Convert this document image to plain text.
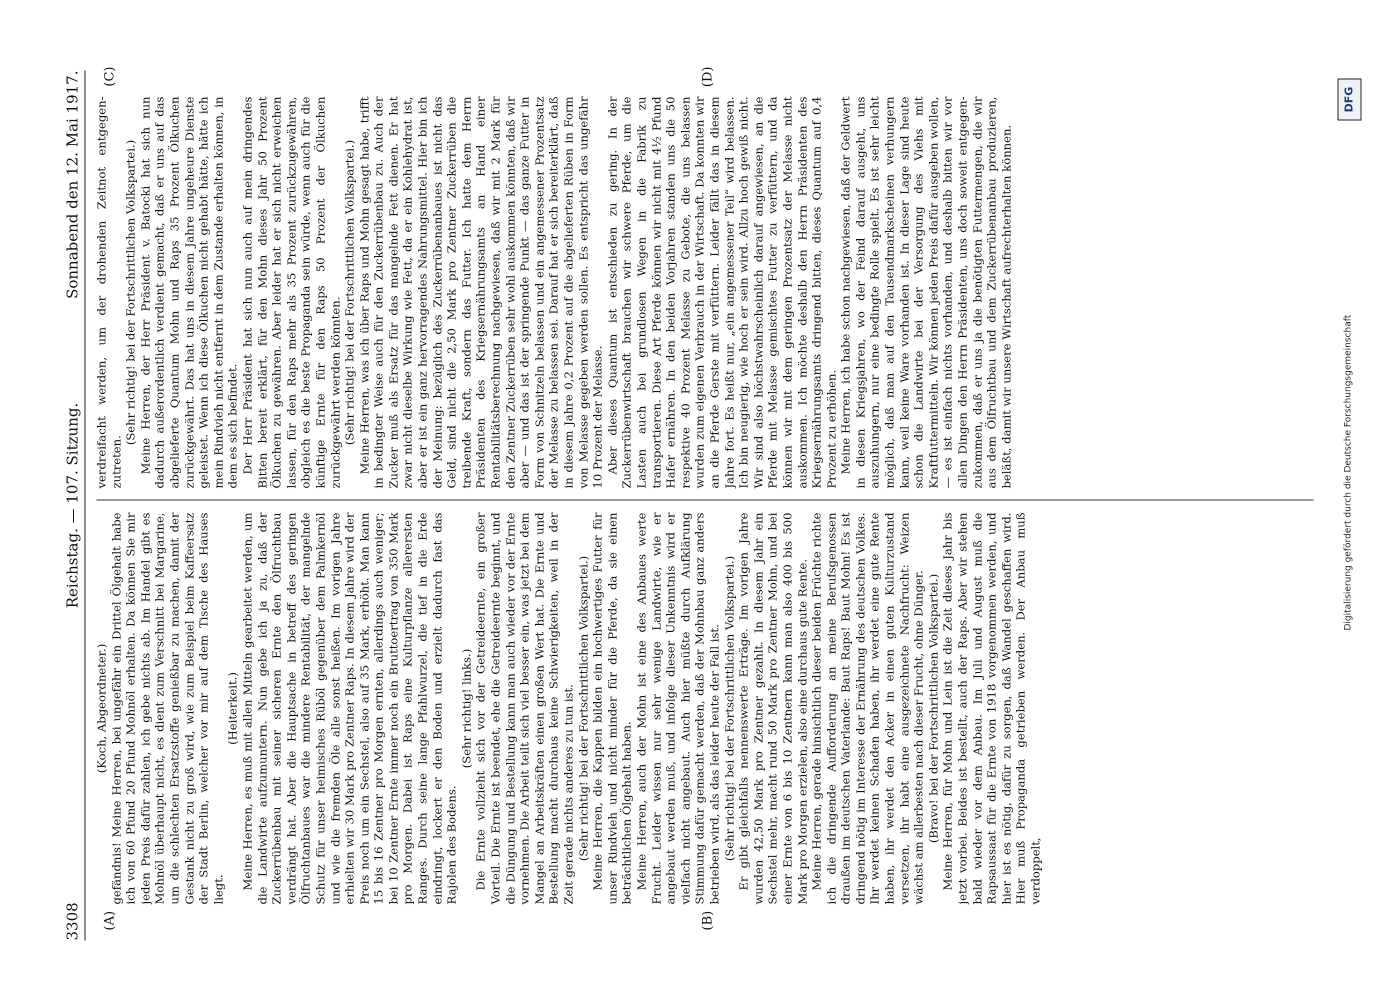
3308
Reichstag. — 107. Sitzung.
Sonnabend den 12. Mai 1917.
(A)	(B)
(C)	(D)

(Koch, Abgeordneter.) gefändnis! Meine Herren, bei ungefähr ein Drittel Ölgehalt habe ich von 60 Pfund 20 Pfund Mohnöl erhalten. Da können Sie mir jeden Preis dafür zahlen, ich gebe nichts ab. Im Handel gibt es Mohnöl überhaupt nicht, es dient zum Verschnitt bei Margarine, um die schlechten Ersatzstoffe genießbar zu machen, damit der Gestank nicht zu groß wird, wie zum Beispiel beim Kaffeersatz der Stadt Berlin, welcher vor mir auf dem Tische des Hauses liegt.

(Heiterkeit.) Meine Herren, es muß mit allen Mitteln gearbeitet werden, um die Landwirte aufzumuntern. Nun gebe ich ja zu, daß der Zuckerrübenbau mit seiner sicheren Ernte den Ölfruchtbau verdrängt hat. Aber die Hauptsache in betreff des geringen Ölfruchtanbaues war die mindere Rentabilität, der mangelnde Schutz für unser heimisches Rüböl gegenüber dem Palmkernöl und wie die fremden Öle alle sonst heißen. Im vorigen Jahre erhielten wir 30 Mark pro Zentner Raps. In diesem Jahre wird der Preis noch um ein Sechstel, also auf 35 Mark, erhöht. Man kann 15 bis 16 Zentner pro Morgen ernten, allerdings auch weniger; bei 10 Zentner Ernte immer noch ein Bruttoertrag von 350 Mark pro Morgen. Dabei ist Raps eine Kulturpflanze allerersten Ranges. Durch seine lange Pfahlwurzel, die tief in die Erde eindringt, lockert er den Boden und erzielt dadurch fast das Rajolen des Bodens.

(Sehr richtig! links.) Die Ernte vollzieht sich vor der Getreideernte, ein großer Vorteil. Die Ernte ist beendet, ehe die Getreideernte beginnt, und die Düngung und Bestellung kann man auch wieder vor der Ernte vornehmen. Die Arbeit teilt sich viel besser ein, was jetzt bei dem Mangel an Arbeitskräften einen großen Wert hat. Die Ernte und Bestellung macht durchaus keine Schwierigkeiten, weil in der Zeit gerade nichts anderes zu tun ist. (Sehr richtig! bei der Fortschrittlichen Volkspartei.) Meine Herren, die Kappen bilden ein hochwertiges Futter für unser Rindvieh und nicht minder für die Pferde, da sie einen beträchtlichen Ölgehalt haben. Meine Herren, auch der Mohn ist eine des Anbaues werte Frucht. Leider wissen nur sehr wenige Landwirte, wie er angebaut werden muß, und infolge dieser Unkenntnis wird er vielfach nicht angebaut. Auch hier müßte durch Aufklärung Stimmung dafür gemacht werden, daß der Mohnbau ganz anders betrieben wird, als das leider heute der Fall ist. (Sehr richtig! bei der Fortschrittlichen Volkspartei.) Er gibt gleichfalls nennenswerte Erträge. Im vorigen Jahre wurden 42,50 Mark pro Zentner gezahlt. In diesem Jahr ein Sechstel mehr, macht rund 50 Mark pro Zentner Mohn, und bei einer Ernte von 6 bis 10 Zentnern kann man also 400 bis 500 Mark pro Morgen erzielen, also eine durchaus gute Rente. Meine Herren, gerade hinsichtlich dieser beiden Früchte richte ich die dringende Aufforderung an meine Berufsgenossen draußen im deutschen Vaterlande: Baut Raps! Baut Mohn! Es ist dringend nötig im Interesse der Ernährung des deutschen Volkes. Ihr werdet keinen Schaden haben, ihr werdet eine gute Rente haben, ihr werdet den Acker in einen guten Kulturzustand versetzen, ihr habt eine ausgezeichnete Nachfrucht: Weizen wächst am allerbesten nach dieser Frucht, ohne Dünger. (Bravo! bei der Fortschrittlichen Volkspartei.) Meine Herren, für Mohn und Lein ist die Zeit dieses Jahr bis jetzt vorbei. Beides ist bestellt, auch der Raps. Aber wir stehen bald wieder vor dem Anbau. Im Juli und August muß die Rapsaussaat für die Ernte von 1918 vorgenommen werden, und hier ist es nötig, dafür zu sorgen, daß Wandel geschaffen wird. Hier muß Propaganda getrieben werden. Der Anbau muß verdoppelt,

verdreifacht werden, um der drohenden Zeitnot entgegenzutreten.

(Sehr richtig! bei der Fortschrittlichen Volkspartei.) Meine Herren, der Herr Präsident v. Batocki hat sich nun dadurch außerordentlich verdient gemacht, daß er uns auf das abgelieferte Quantum Mohn und Raps 35 Prozent Ölkuchen zurückgewährt. Das hat uns in diesem Jahre ungeheure Dienste geleistet. Wenn ich diese Ölkuchen nicht gehabt hätte, hätte ich mein Rindvieh nicht entfernt in dem Zustande erhalten können, in dem es sich befindet. Der Herr Präsident hat sich nun auch auf mein dringendes Bitten bereit erklärt, für den Mohn dieses Jahr 50 Prozent Ölkuchen zu gewähren. Aber leider hat er sich nicht erweichen lassen, für den Raps mehr als 35 Prozent zurückzugewähren, obgleich es die beste Propaganda sein würde, wenn auch für die künftige Ernte für den Raps 50 Prozent der Ölkuchen zurückgewährt werden könnten. (Sehr richtig! bei der Fortschrittlichen Volkspartei.) Meine Herren, was ich über Raps und Mohn gesagt habe, trifft in bedingter Weise auch für den Zuckerrübenbau zu. Auch der Zucker muß als Ersatz für das mangelnde Fett dienen. Er hat zwar nicht dieselbe Wirkung wie Fett, da er ein Kohlehydrat ist, aber er ist ein ganz hervorragendes Nahrungsmittel. Hier bin ich der Meinung: bezüglich des Zuckerrübenanbaues ist nicht das Geld, sind nicht die 2,50 Mark pro Zentner Zuckerrüben die treibende Kraft, sondern das Futter. Ich hatte dem Herrn Präsidenten des Kriegsernährungsamts an Hand einer Rentabilitätsberechnung nachgewiesen, daß wir mit 2 Mark für den Zentner Zuckerrüben sehr wohl auskommen könnten, daß wir aber — und das ist der springende Punkt — das ganze Futter in Form von Schnitzeln belassen und ein angemessener Prozentsatz der Melasse zu belassen sei. Darauf hat er sich bereiterklärt, daß in diesem Jahre 0,2 Prozent auf die abgelieferten Rüben in Form von Melasse gegeben werden sollen. Es entspricht das ungefähr 10 Prozent der Melasse. Aber dieses Quantum ist entschieden zu gering. In der Zuckerrübenwirtschaft brauchen wir schwere Pferde, um die Lasten auch bei grundlosen Wegen in die Fabrik zu transportieren. Diese Art Pferde können wir nicht mit 4½ Pfund Hafer ernähren. In den beiden Vorjahren standen uns die 50 respektive 40 Prozent Melasse zu Gebote, die uns belassen wurden zum eigenen Verbrauch in der Wirtschaft. Da konnten wir an die Pferde Gerste mit verfüttern. Leider fällt das in diesem Jahre fort. Es heißt nur, „ein angemessener Teil“ wird belassen. Ich bin neugierig, wie hoch er sein wird. Allzu hoch gewiß nicht. Wir sind also höchstwahrscheinlich darauf angewiesen, an die Pferde mit Melasse gemischtes Futter zu verfüttern, und da können wir mit dem geringen Prozentsatz der Melasse nicht auskommen. Ich möchte deshalb den Herrn Präsidenten des Kriegsernährungsamts dringend bitten, dieses Quantum auf 0,4 Prozent zu erhöhen. Meine Herren, ich habe schon nachgewiesen, daß der Geldwert in diesen Kriegsjahren, wo der Feind darauf ausgeht, uns auszuhungern, nur eine bedingte Rolle spielt. Es ist sehr leicht möglich, daß man auf den Tausendmarkscheinen verhungern kann, weil keine Ware vorhanden ist. In dieser Lage sind heute schon die Landwirte bei der Versorgung des Viehs mit Kraftfuttermitteln. Wir können jeden Preis dafür ausgeben wollen, — es ist einfach nichts vorhanden, und deshalb bitten wir vor allen Dingen den Herrn Präsidenten, uns doch soweit entgegenzukommen, daß er uns ja die benötigten Futtermengen, die wir aus dem Ölfruchtbau und dem Zuckerrübenanbau produzieren, beläßt, damit wir unsere Wirtschaft aufrechterhalten können.	Digitalisierung gefördert durch die Deutsche Forschungsgemeinschaft
DFG
